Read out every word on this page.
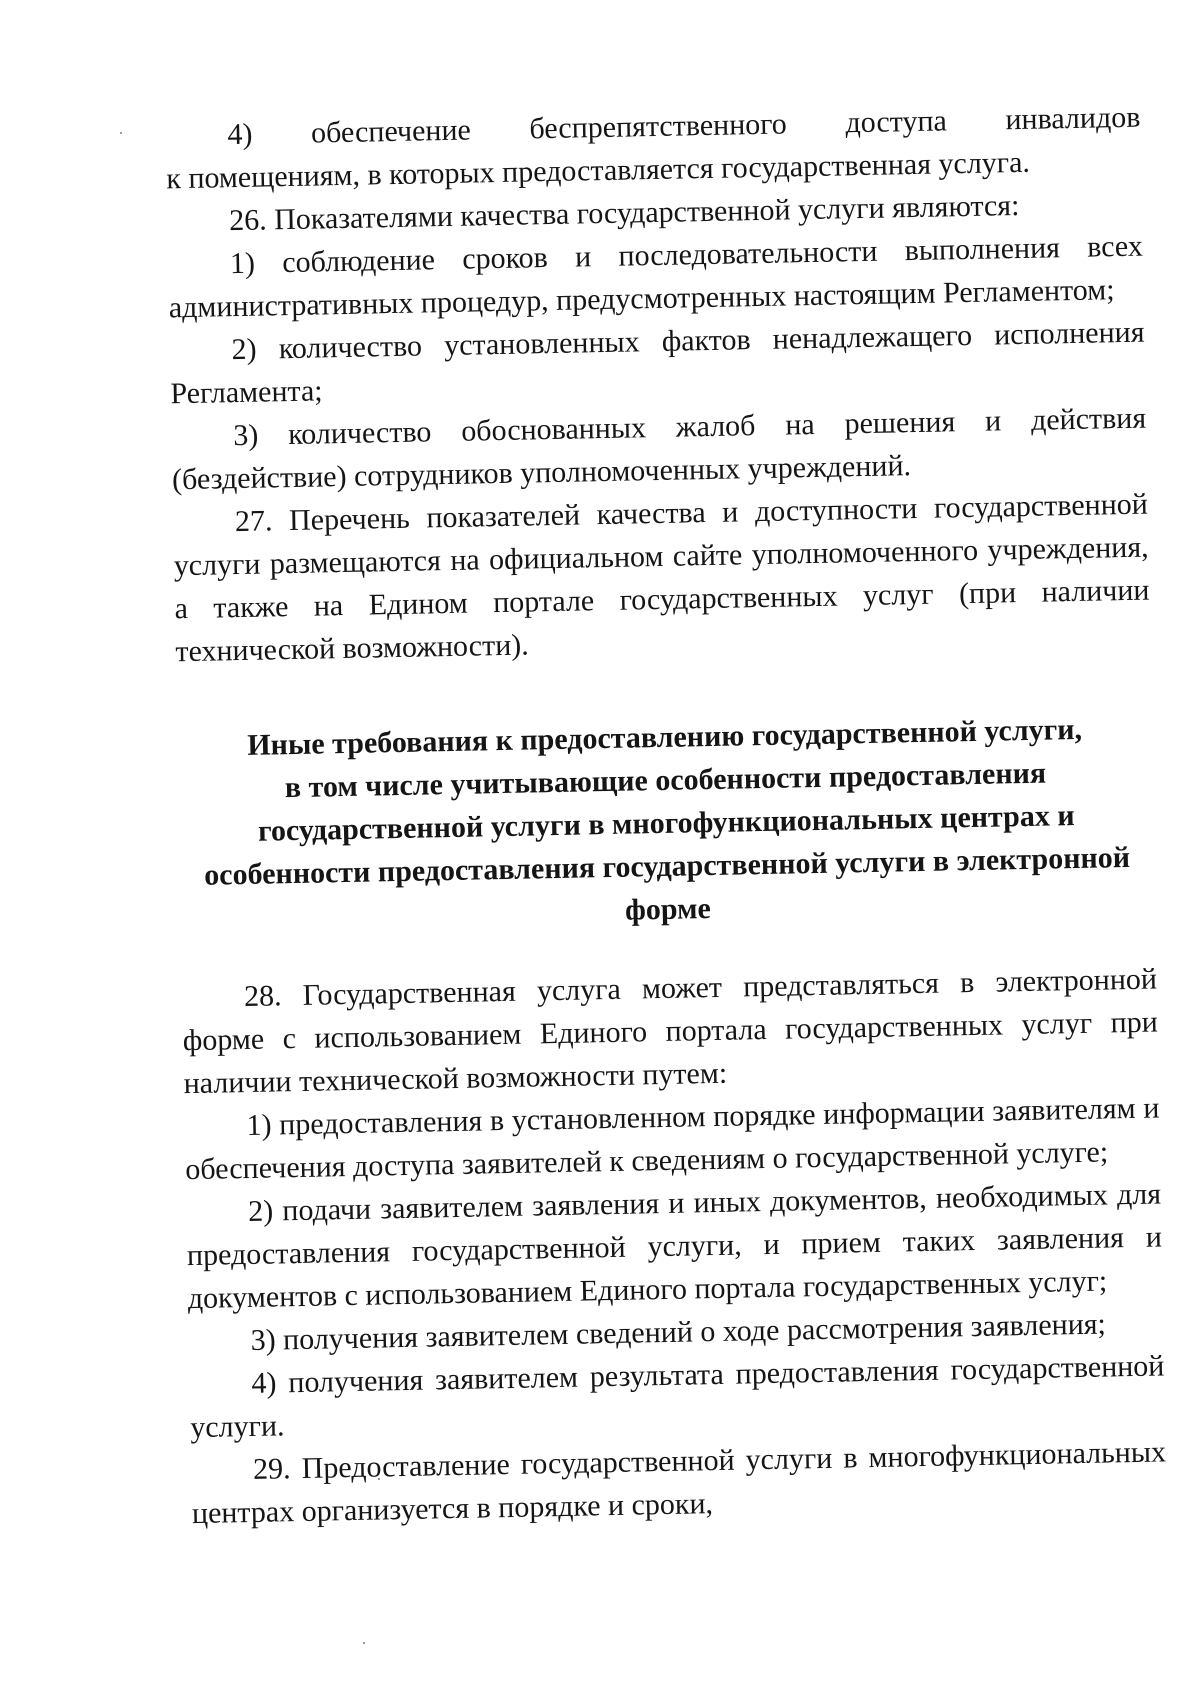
4) обеспечение беспрепятственного доступа инвалидов

к помещениям, в которых предоставляется государственная услуга.

26. Показателями качества государственной услуги являются:

1) соблюдение сроков и последовательности выполнения всех административных процедур, предусмотренных настоящим Регламентом;

2) количество установленных фактов ненадлежащего исполнения Регламента;

3) количество обоснованных жалоб на решения и действия (бездействие) сотрудников уполномоченных учреждений.

27. Перечень показателей качества и доступности государственной услуги размещаются на официальном сайте уполномоченного учреждения, а также на Едином портале государственных услуг (при наличии технической возможности).

Иные требования к предоставлению государственной услуги,
в том числе учитывающие особенности предоставления
государственной услуги в многофункциональных центрах и
особенности предоставления государственной услуги в электронной
форме

28. Государственная услуга может представляться в электронной форме с использованием Единого портала государственных услуг при наличии технической возможности путем:

1) предоставления в установленном порядке информации заявителям и обеспечения доступа заявителей к сведениям о государственной услуге;

2) подачи заявителем заявления и иных документов, необходимых для предоставления государственной услуги, и прием таких заявления и документов с использованием Единого портала государственных услуг;

3) получения заявителем сведений о ходе рассмотрения заявления;

4) получения заявителем результата предоставления государственной услуги.

29. Предоставление государственной услуги в многофункциональных центрах организуется в порядке и сроки,
